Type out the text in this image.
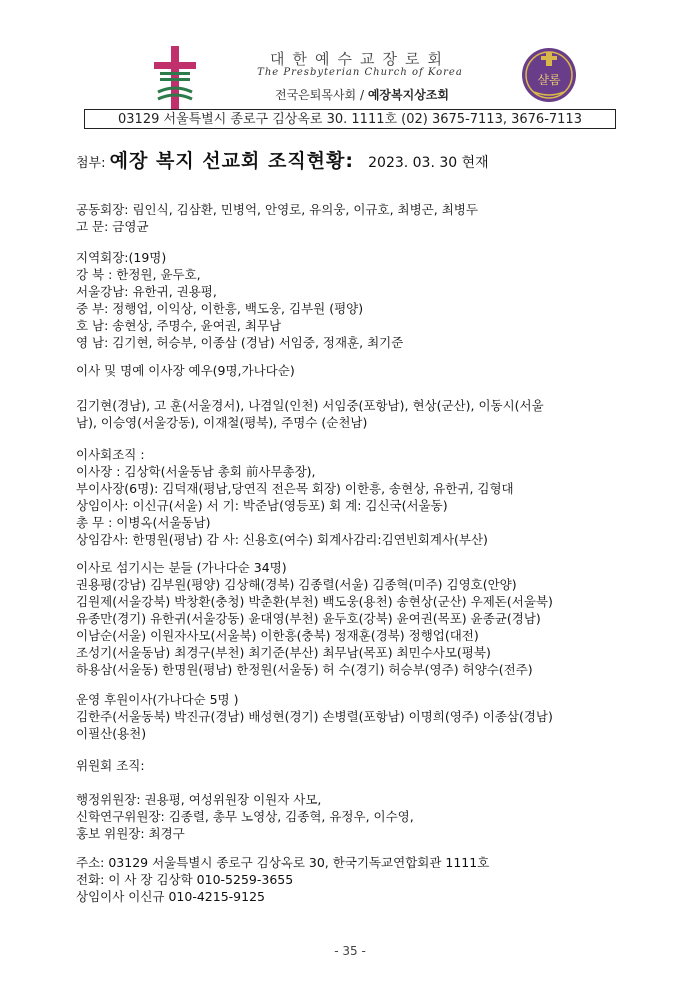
대한예수교장로회
The Presbyterian Church of Korea
전국은퇴목사회 / 예장복지상조회
샬롬
03129 서울특별시 종로구 김상옥로 30. 1111호 (02) 3675-7113, 3676-7113
첨부: 예장 복지 선교회 조직현황: 2023. 03. 30 현재
공동회장: 림인식, 김삼환, 민병억, 안영로, 유의웅, 이규호, 최병곤, 최병두
고 문: 금영균
지역회장:(19명)
강 북 : 한정원, 윤두호,
서울강남: 유한귀, 권용평,
중 부: 정행업, 이익상, 이한흥, 백도웅, 김부원 (평양)
호 남: 송현상, 주명수, 윤여권, 최무남
영 남: 김기현, 허승부, 이종삼 (경남) 서임중, 정재훈, 최기준
이사 및 명예 이사장 예우(9명,가나다순)
김기현(경남), 고 훈(서울경서), 나겸일(인천) 서임중(포항남), 현상(군산), 이동시(서울
남), 이승영(서울강동), 이재철(평북), 주명수 (순천남)
이사회조직 :
이사장 : 김상학(서울동남 총회 前사무총장),
부이사장(6명): 김덕재(평남,당연직 전은목 회장) 이한흥, 송현상, 유한귀, 김형대
상임이사: 이신규(서울) 서 기: 박준남(영등포) 회 계: 김신국(서울동)
총 무 : 이병옥(서울동남)
상임감사: 한명원(평남) 감 사: 신용호(여수) 회계사감리:김연빈회계사(부산)
이사로 섬기시는 분들 (가나다순 34명)
권용평(강남) 김부원(평양) 김상해(경북) 김종렬(서울) 김종혁(미주) 김영호(안양)
김원제(서울강북) 박창환(충청) 박춘환(부천) 백도웅(용천) 송현상(군산) 우제돈(서울북)
유종만(경기) 유한귀(서울강동) 윤대영(부천) 윤두호(강북) 윤여권(목포) 윤종균(경남)
이남순(서울) 이원자사모(서울북) 이한흥(충북) 정재훈(경북) 정행업(대전)
조성기(서울동남) 최경구(부천) 최기준(부산) 최무남(목포) 최민수사모(평북)
하용삼(서울동) 한명원(평남) 한정원(서울동) 허 수(경기) 허승부(영주) 허양수(전주)
운영 후원이사(가나다순 5명 )
김한주(서울동북) 박진규(경남) 배성현(경기) 손병렬(포항남) 이명희(영주) 이종삼(경남)
이필산(용천)
위원회 조직:
행정위원장: 권용평, 여성위원장 이원자 사모,
신학연구위원장: 김종렬, 총무 노영상, 김종혁, 유정우, 이수영,
홍보 위원장: 최경구
주소: 03129 서울특별시 종로구 김상옥로 30, 한국기독교연합회관 1111호
전화: 이 사 장 김상학 010-5259-3655
상임이사 이신규 010-4215-9125
- 35 -
